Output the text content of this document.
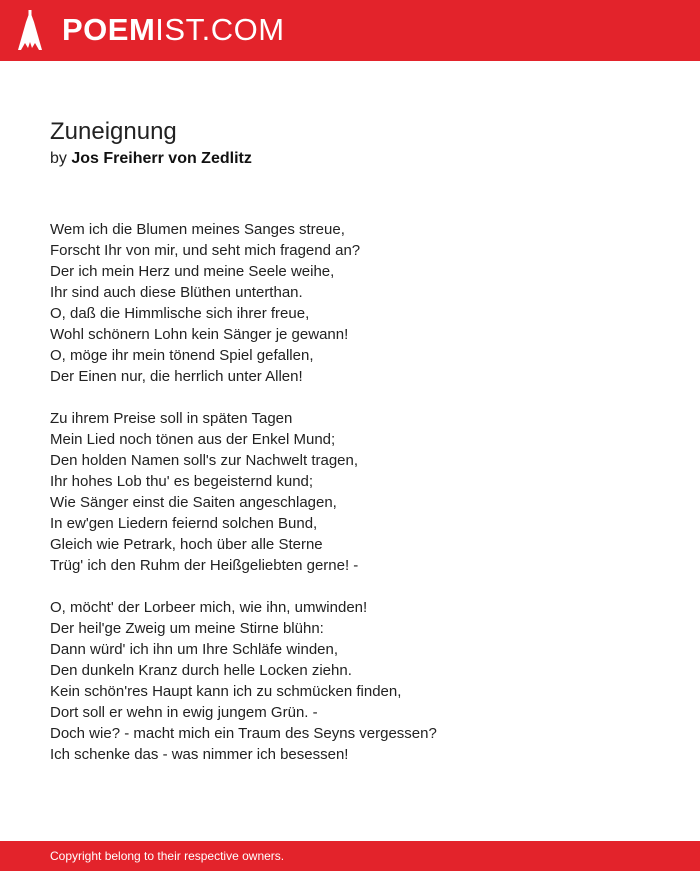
POEMIST.COM
Zuneignung
by Jos Freiherr von Zedlitz
Wem ich die Blumen meines Sanges streue,
Forscht Ihr von mir, und seht mich fragend an?
Der ich mein Herz und meine Seele weihe,
Ihr sind auch diese Blüthen unterthan.
O, daß die Himmlische sich ihrer freue,
Wohl schönern Lohn kein Sänger je gewann!
O, möge ihr mein tönend Spiel gefallen,
Der Einen nur, die herrlich unter Allen!
Zu ihrem Preise soll in späten Tagen
Mein Lied noch tönen aus der Enkel Mund;
Den holden Namen soll's zur Nachwelt tragen,
Ihr hohes Lob thu' es begeisternd kund;
Wie Sänger einst die Saiten angeschlagen,
In ew'gen Liedern feiernd solchen Bund,
Gleich wie Petrark, hoch über alle Sterne
Trüg' ich den Ruhm der Heißgeliebten gerne! -
O, möcht' der Lorbeer mich, wie ihn, umwinden!
Der heil'ge Zweig um meine Stirne blühn:
Dann würd' ich ihn um Ihre Schläfe winden,
Den dunkeln Kranz durch helle Locken ziehn.
Kein schön'res Haupt kann ich zu schmücken finden,
Dort soll er wehn in ewig jungem Grün. -
Doch wie? - macht mich ein Traum des Seyns vergessen?
Ich schenke das - was nimmer ich besessen!
Copyright belong to their respective owners.
